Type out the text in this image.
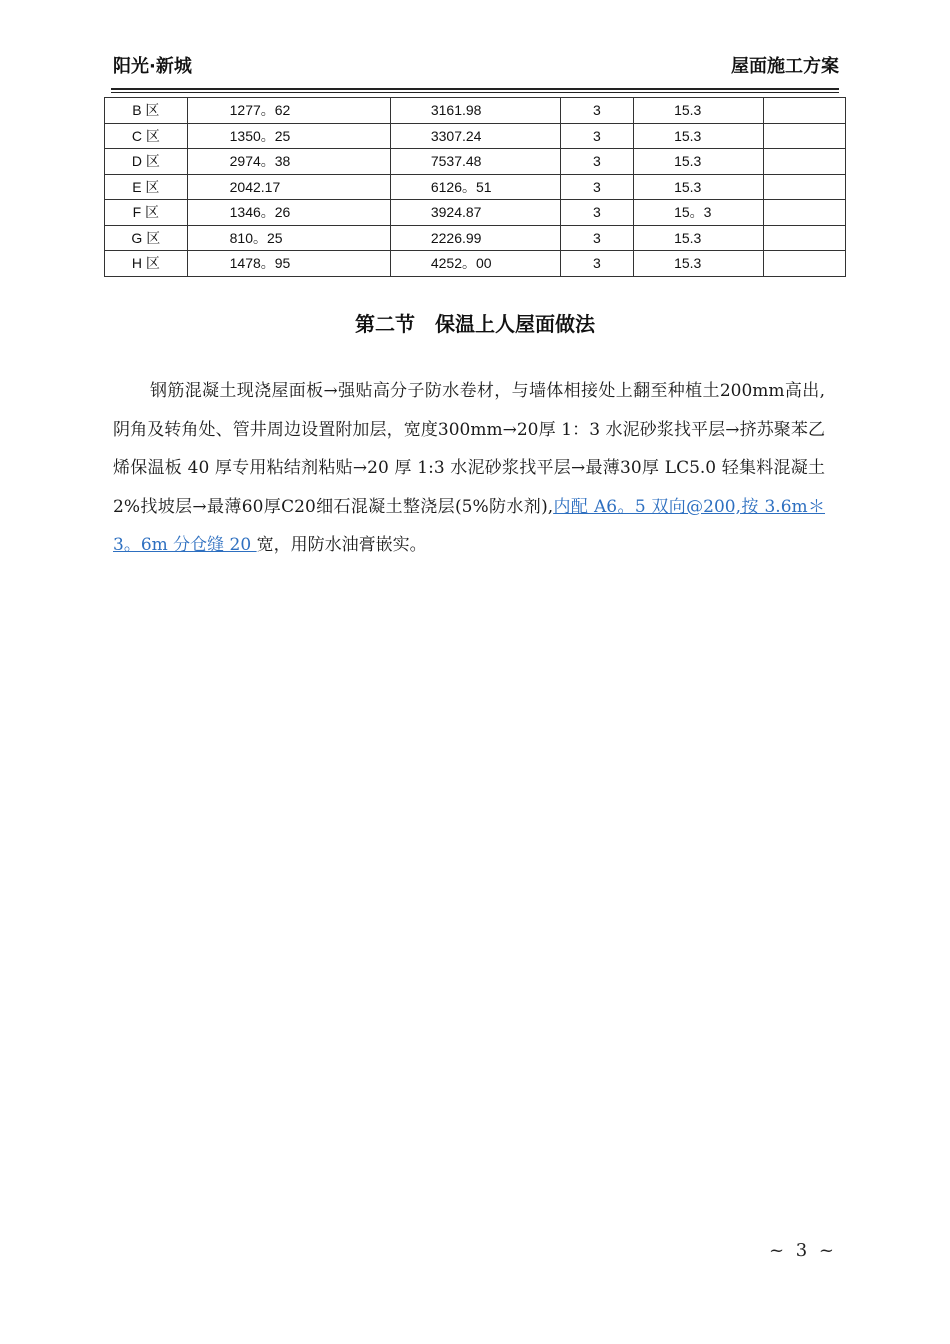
阳光·新城	屋面施工方案
B 区	1277。62	3161.98	3	15.3	
C 区	1350。25	3307.24	3	15.3	
D 区	2974。38	7537.48	3	15.3	
E 区	2042.17	6126。51	3	15.3	
F 区	1346。26	3924.87	3	15。3	
G 区	810。25	2226.99	3	15.3	
H 区	1478。95	4252。00	3	15.3	
第二节　保温上人屋面做法
钢筋混凝土现浇屋面板→强贴高分子防水卷材，与墙体相接处上翻至种植土200mm高出,阴角及转角处、管井周边设置附加层，宽度300mm→20厚 1：3 水泥砂浆找平层→挤苏聚苯乙烯保温板 40 厚专用粘结剂粘贴→20 厚 1:3 水泥砂浆找平层→最薄30厚 LC5.0 轻集料混凝土 2%找坡层→最薄60厚C20细石混凝土整浇层(5%防水剂),内配 A6。5 双向@200,按 3.6m＊3。6m 分仓缝 20 宽，用防水油膏嵌实。
~ 3 ~
